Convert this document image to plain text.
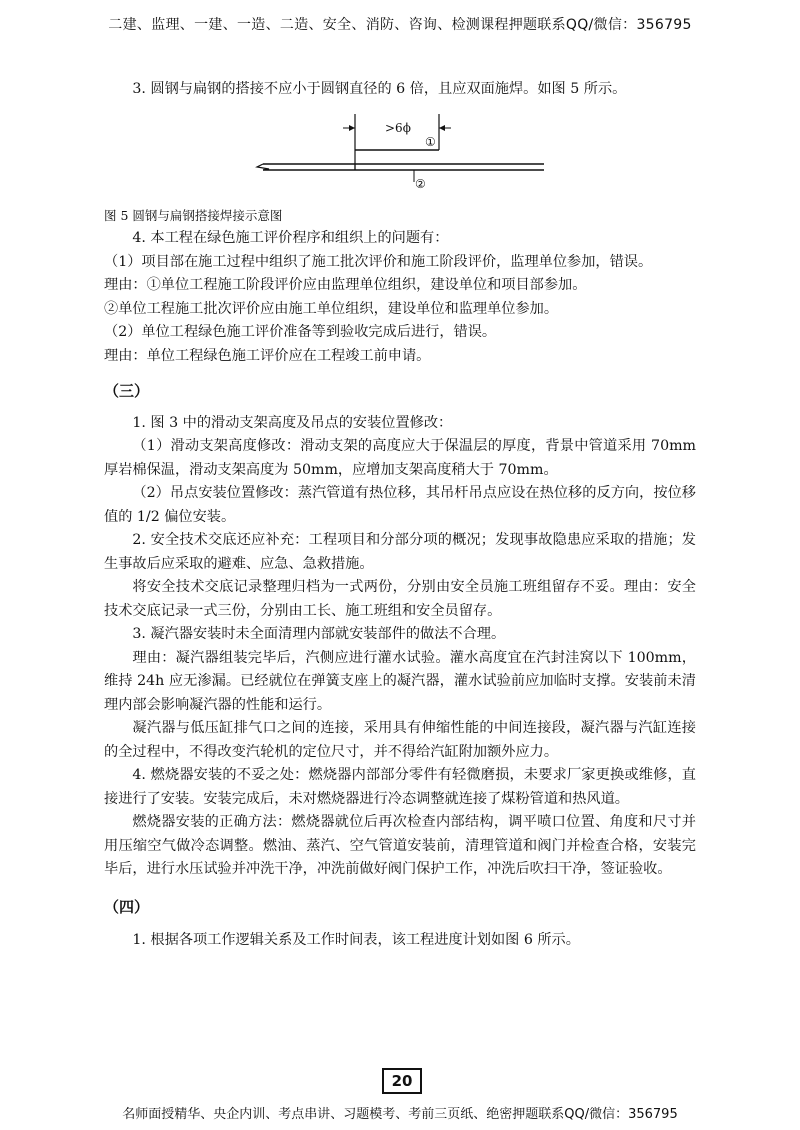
二建、监理、一建、一造、二造、安全、消防、咨询、检测课程押题联系QQ/微信：356795

3. 圆钢与扁钢的搭接不应小于圆钢直径的 6 倍，且应双面施焊。如图 5 所示。

>6ϕ
①
②

图 5 圆钢与扁钢搭接焊接示意图

4. 本工程在绿色施工评价程序和组织上的问题有：

（1）项目部在施工过程中组织了施工批次评价和施工阶段评价，监理单位参加，错误。

理由：①单位工程施工阶段评价应由监理单位组织，建设单位和项目部参加。

②单位工程施工批次评价应由施工单位组织，建设单位和监理单位参加。

（2）单位工程绿色施工评价准备等到验收完成后进行，错误。

理由：单位工程绿色施工评价应在工程竣工前申请。

（三）

1. 图 3 中的滑动支架高度及吊点的安装位置修改：

（1）滑动支架高度修改：滑动支架的高度应大于保温层的厚度，背景中管道采用 70mm 厚岩棉保温，滑动支架高度为 50mm，应增加支架高度稍大于 70mm。

（2）吊点安装位置修改：蒸汽管道有热位移，其吊杆吊点应设在热位移的反方向，按位移值的 1/2 偏位安装。

2. 安全技术交底还应补充：工程项目和分部分项的概况；发现事故隐患应采取的措施；发生事故后应采取的避难、应急、急救措施。

将安全技术交底记录整理归档为一式两份，分别由安全员施工班组留存不妥。理由：安全技术交底记录一式三份，分别由工长、施工班组和安全员留存。

3. 凝汽器安装时未全面清理内部就安装部件的做法不合理。

理由：凝汽器组装完毕后，汽侧应进行灌水试验。灌水高度宜在汽封洼窝以下 100mm，维持 24h 应无渗漏。已经就位在弹簧支座上的凝汽器，灌水试验前应加临时支撑。安装前未清理内部会影响凝汽器的性能和运行。

凝汽器与低压缸排气口之间的连接，采用具有伸缩性能的中间连接段，凝汽器与汽缸连接的全过程中，不得改变汽轮机的定位尺寸，并不得给汽缸附加额外应力。

4. 燃烧器安装的不妥之处：燃烧器内部部分零件有轻微磨损，未要求厂家更换或维修，直接进行了安装。安装完成后，未对燃烧器进行冷态调整就连接了煤粉管道和热风道。

燃烧器安装的正确方法：燃烧器就位后再次检查内部结构，调平喷口位置、角度和尺寸并用压缩空气做冷态调整。燃油、蒸汽、空气管道安装前，清理管道和阀门并检查合格，安装完毕后，进行水压试验并冲洗干净，冲洗前做好阀门保护工作，冲洗后吹扫干净，签证验收。

（四）

1. 根据各项工作逻辑关系及工作时间表，该工程进度计划如图 6 所示。

20
名师面授精华、央企内训、考点串讲、习题模考、考前三页纸、绝密押题联系QQ/微信：356795
